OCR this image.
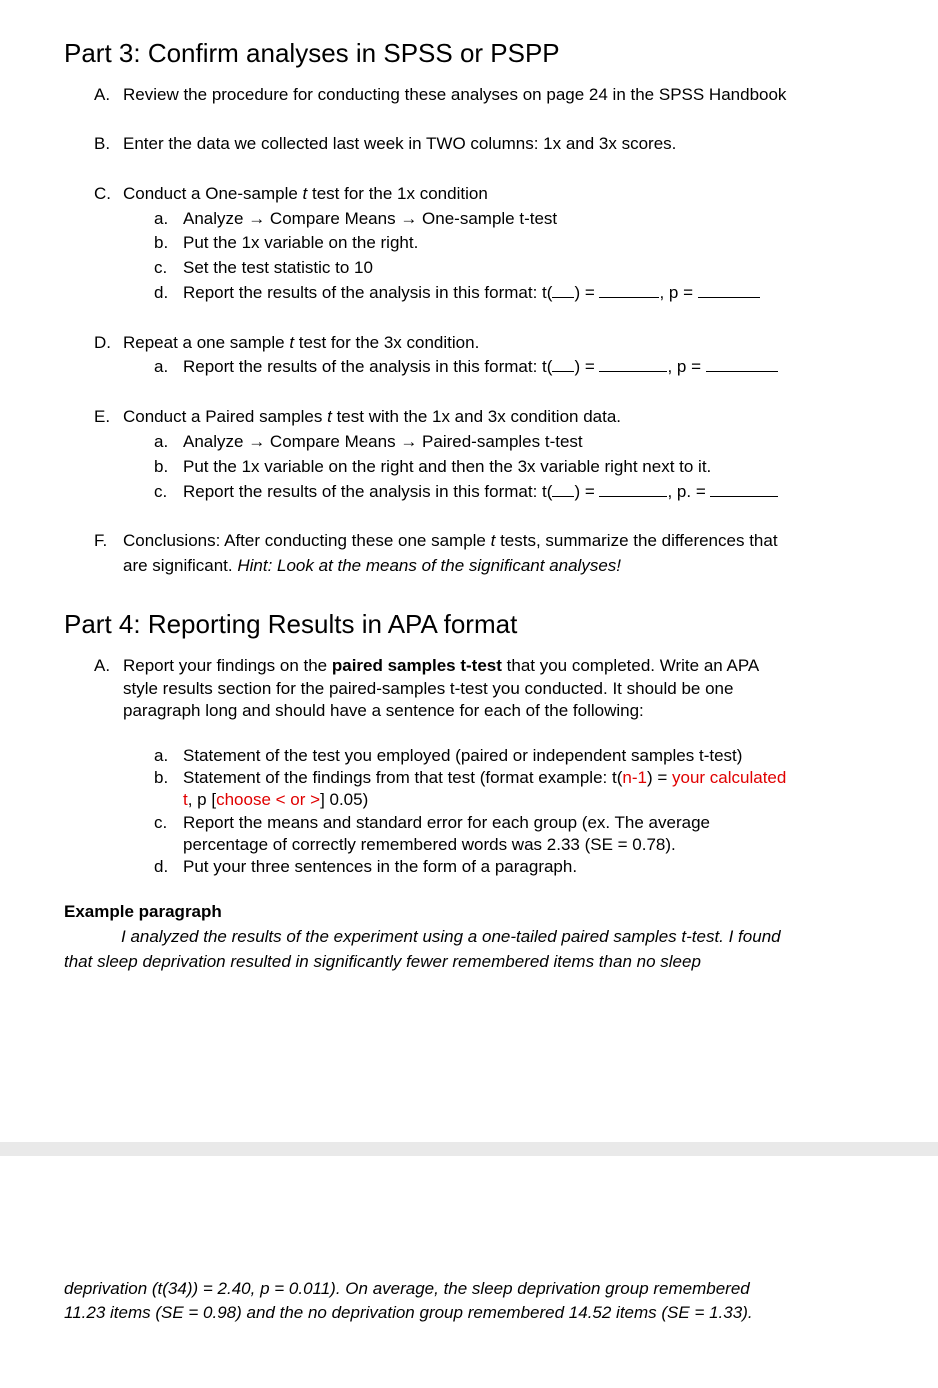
Part 3: Confirm analyses in SPSS or PSPP
A. Review the procedure for conducting these analyses on page 24 in the SPSS Handbook
B. Enter the data we collected last week in TWO columns: 1x and 3x scores.
C. Conduct a One-sample t test for the 1x condition
a. Analyze → Compare Means → One-sample t-test
b. Put the 1x variable on the right.
c. Set the test statistic to 10
d. Report the results of the analysis in this format: t( ) =	, p =
D. Repeat a one sample t test for the 3x condition.
a. Report the results of the analysis in this format: t( ) =	, p =
E. Conduct a Paired samples t test with the 1x and 3x condition data.
a. Analyze → Compare Means → Paired-samples t-test
b. Put the 1x variable on the right and then the 3x variable right next to it.
c. Report the results of the analysis in this format: t( ) =	, p. =
F. Conclusions: After conducting these one sample t tests, summarize the differences that
are significant. Hint: Look at the means of the significant analyses!
Part 4: Reporting Results in APA format
A. Report your findings on the paired samples t-test that you completed. Write an APA
style results section for the paired-samples t-test you conducted. It should be one
paragraph long and should have a sentence for each of the following:
a. Statement of the test you employed (paired or independent samples t-test)
b. Statement of the findings from that test (format example: t(n-1) = your calculated
t, p [choose < or >] 0.05)
c. Report the means and standard error for each group (ex. The average
percentage of correctly remembered words was 2.33 (SE = 0.78).
d. Put your three sentences in the form of a paragraph.
Example paragraph
I analyzed the results of the experiment using a one-tailed paired samples t-test. I found
that sleep deprivation resulted in significantly fewer remembered items than no sleep
deprivation (t(34)) = 2.40, p = 0.011). On average, the sleep deprivation group remembered
11.23 items (SE = 0.98) and the no deprivation group remembered 14.52 items (SE = 1.33).
